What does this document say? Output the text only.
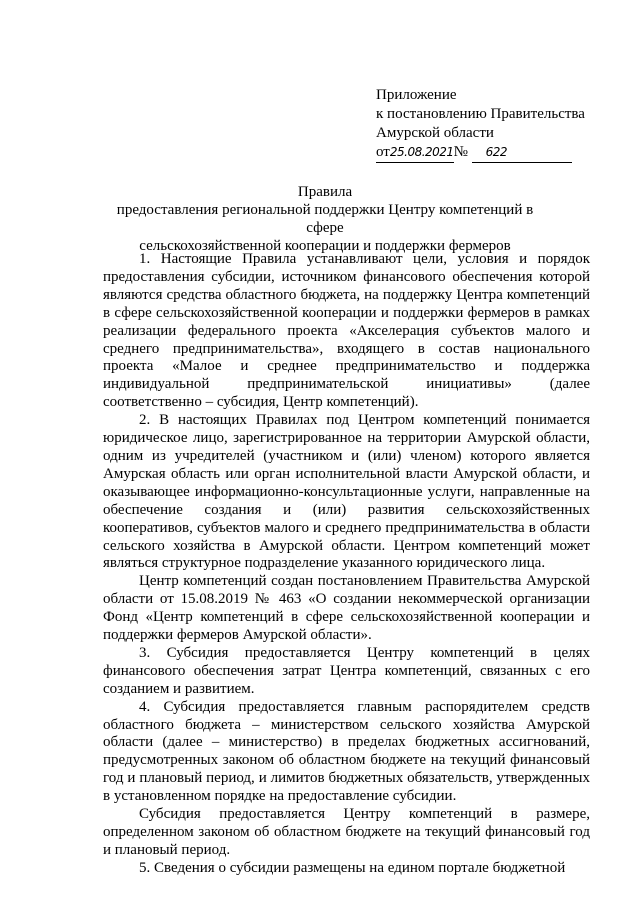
Приложение
к постановлению Правительства
Амурской области
от25.08.2021№ 622
Правила
предоставления региональной поддержки Центру компетенций в сфере
сельскохозяйственной кооперации и поддержки фермеров

1. Настоящие Правила устанавливают цели, условия и порядок предоставления субсидии, источником финансового обеспечения которой являются средства областного бюджета, на поддержку Центра компетенций в сфере сельскохозяйственной кооперации и поддержки фермеров в рамках реализации федерального проекта «Акселерация субъектов малого и среднего предпринимательства», входящего в состав национального проекта «Малое и среднее предпринимательство и поддержка индивидуальной предпринимательской инициативы» (далее соответственно – субсидия, Центр компетенций).

2. В настоящих Правилах под Центром компетенций понимается юридическое лицо, зарегистрированное на территории Амурской области, одним из учредителей (участником и (или) членом) которого является Амурская область или орган исполнительной власти Амурской области, и оказывающее информационно-консультационные услуги, направленные на обеспечение создания и (или) развития сельскохозяйственных кооперативов, субъектов малого и среднего предпринимательства в области сельского хозяйства в Амурской области. Центром компетенций может являться структурное подразделение указанного юридического лица.

Центр компетенций создан постановлением Правительства Амурской области от 15.08.2019 № 463 «О создании некоммерческой организации Фонд «Центр компетенций в сфере сельскохозяйственной кооперации и поддержки фермеров Амурской области».

3. Субсидия предоставляется Центру компетенций в целях финансового обеспечения затрат Центра компетенций, связанных с его созданием и развитием.

4. Субсидия предоставляется главным распорядителем средств областного бюджета – министерством сельского хозяйства Амурской области (далее – министерство) в пределах бюджетных ассигнований, предусмотренных законом об областном бюджете на текущий финансовый год и плановый период, и лимитов бюджетных обязательств, утвержденных в установленном порядке на предоставление субсидии.

Субсидия предоставляется Центру компетенций в размере, определенном законом об областном бюджете на текущий финансовый год и плановый период.

5. Сведения о субсидии размещены на едином портале бюджетной
